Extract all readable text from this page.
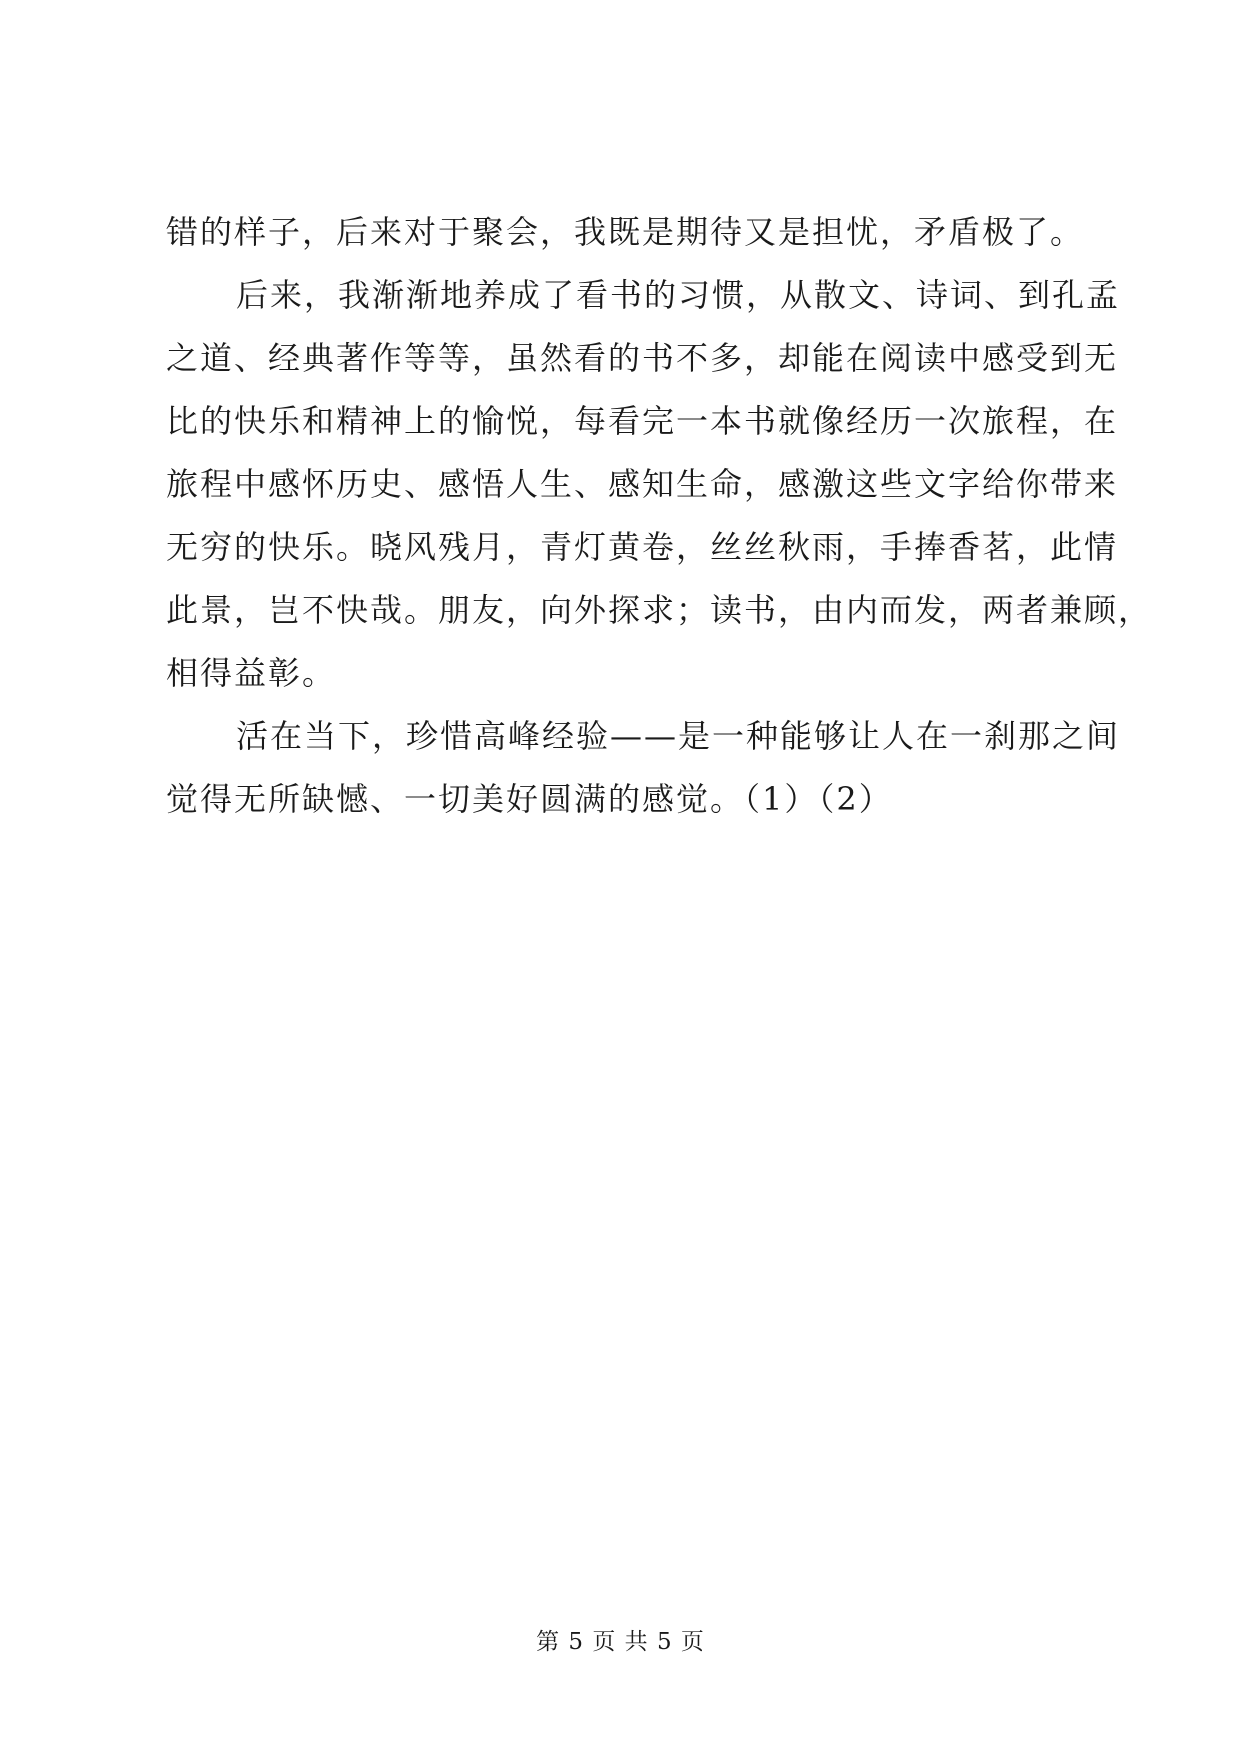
错的样子，后来对于聚会，我既是期待又是担忧，矛盾极了。
后来，我渐渐地养成了看书的习惯，从散文、诗词、到孔孟
之道、经典著作等等，虽然看的书不多，却能在阅读中感受到无
比的快乐和精神上的愉悦，每看完一本书就像经历一次旅程，在
旅程中感怀历史、感悟人生、感知生命，感激这些文字给你带来
无穷的快乐。晓风残月，青灯黄卷，丝丝秋雨，手捧香茗，此情
此景，岂不快哉。朋友，向外探求；读书，由内而发，两者兼顾，
相得益彰。
活在当下，珍惜高峰经验——是一种能够让人在一刹那之间
觉得无所缺憾、一切美好圆满的感觉。（1）（2）
第 5 页 共 5 页
